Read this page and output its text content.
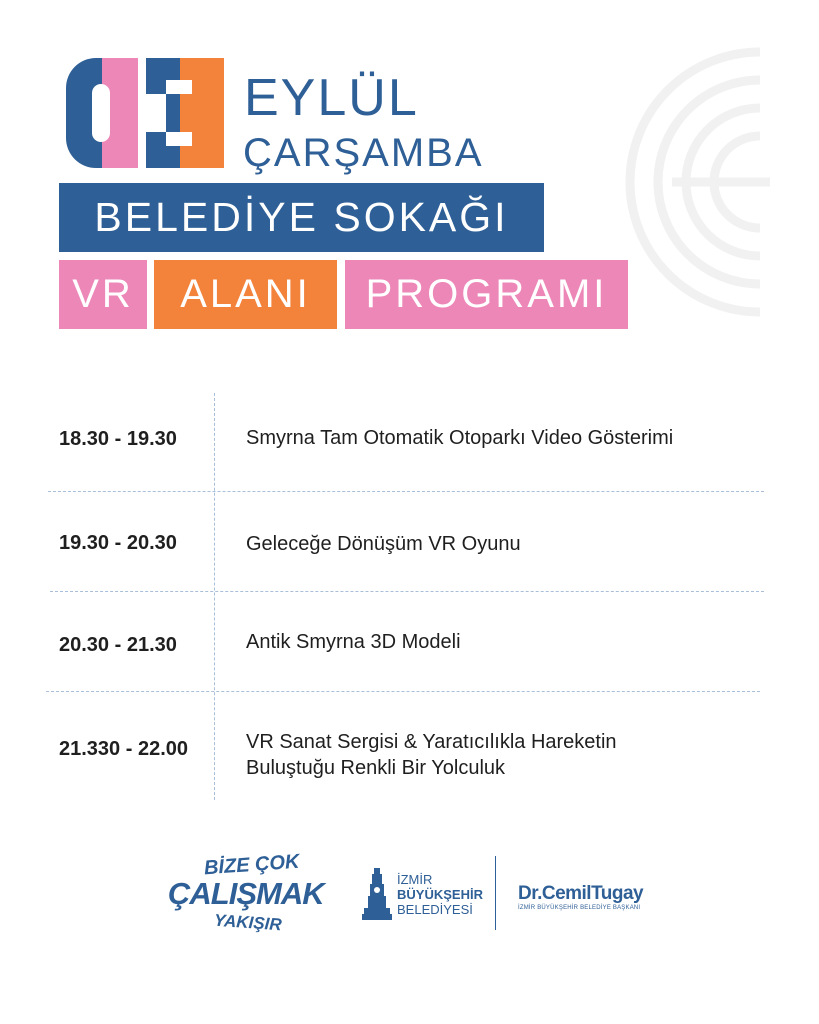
EYLÜL
ÇARŞAMBA
BELEDİYE SOKAĞI
VR	ALANI	PROGRAMI
18.30 - 19.30	Smyrna Tam Otomatik Otoparkı Video Gösterimi
19.30 - 20.30	Geleceğe Dönüşüm VR Oyunu
20.30 - 21.30	Antik Smyrna 3D Modeli
21.330 - 22.00	VR Sanat Sergisi & Yaratıcılıkla Hareketin
Buluştuğu Renkli Bir Yolculuk
BİZE ÇOK
ÇALIŞMAK
YAKIŞIR
İZMİR
BÜYÜKŞEHİR
BELEDİYESİ
Dr.CemilTugay
İZMİR BÜYÜKŞEHİR BELEDİYE BAŞKANI
